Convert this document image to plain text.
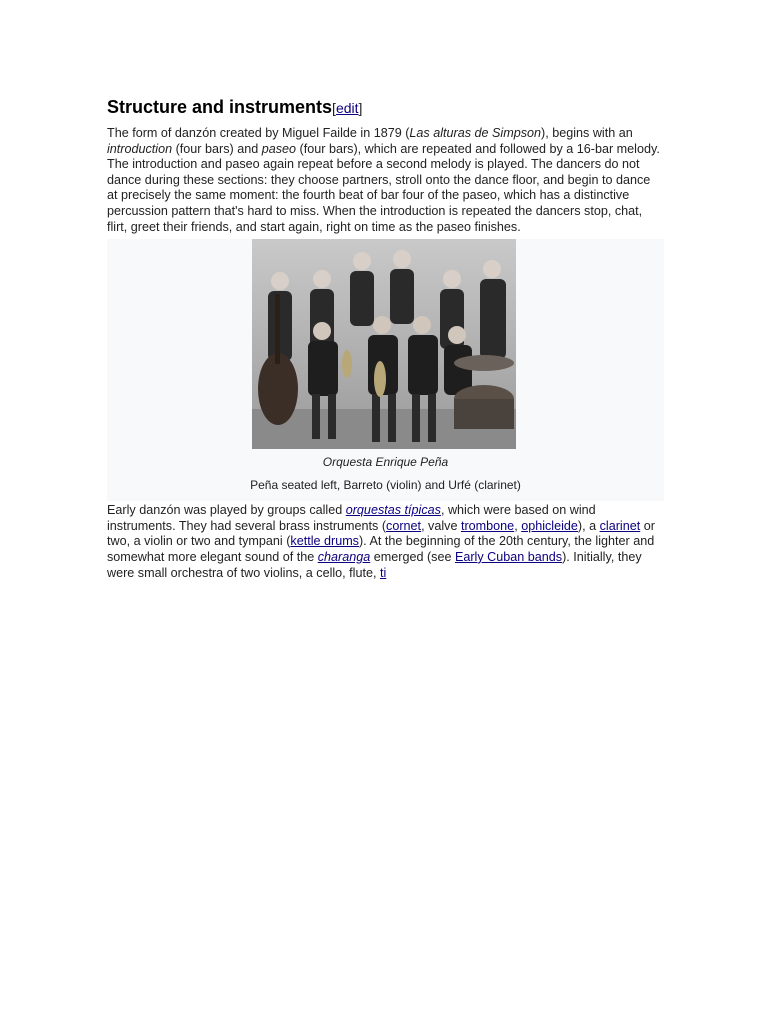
Structure and instruments[edit]

The form of danzón created by Miguel Failde in 1879 (Las alturas de Simpson), begins with an introduction (four bars) and paseo (four bars), which are repeated and followed by a 16-bar melody. The introduction and paseo again repeat before a second melody is played. The dancers do not dance during these sections: they choose partners, stroll onto the dance floor, and begin to dance at precisely the same moment: the fourth beat of bar four of the paseo, which has a distinctive percussion pattern that's hard to miss. When the introduction is repeated the dancers stop, chat, flirt, greet their friends, and start again, right on time as the paseo finishes.

Orquesta Enrique Peña
Peña seated left, Barreto (violin) and Urfé (clarinet)

Early danzón was played by groups called orquestas típicas, which were based on wind instruments. They had several brass instruments (cornet, valve trombone, ophicleide), a clarinet or two, a violin or two and tympani (kettle drums). At the beginning of the 20th century, the lighter and somewhat more elegant sound of the charanga emerged (see Early Cuban bands). Initially, they were small orchestra of two violins, a cello, flute, ti
